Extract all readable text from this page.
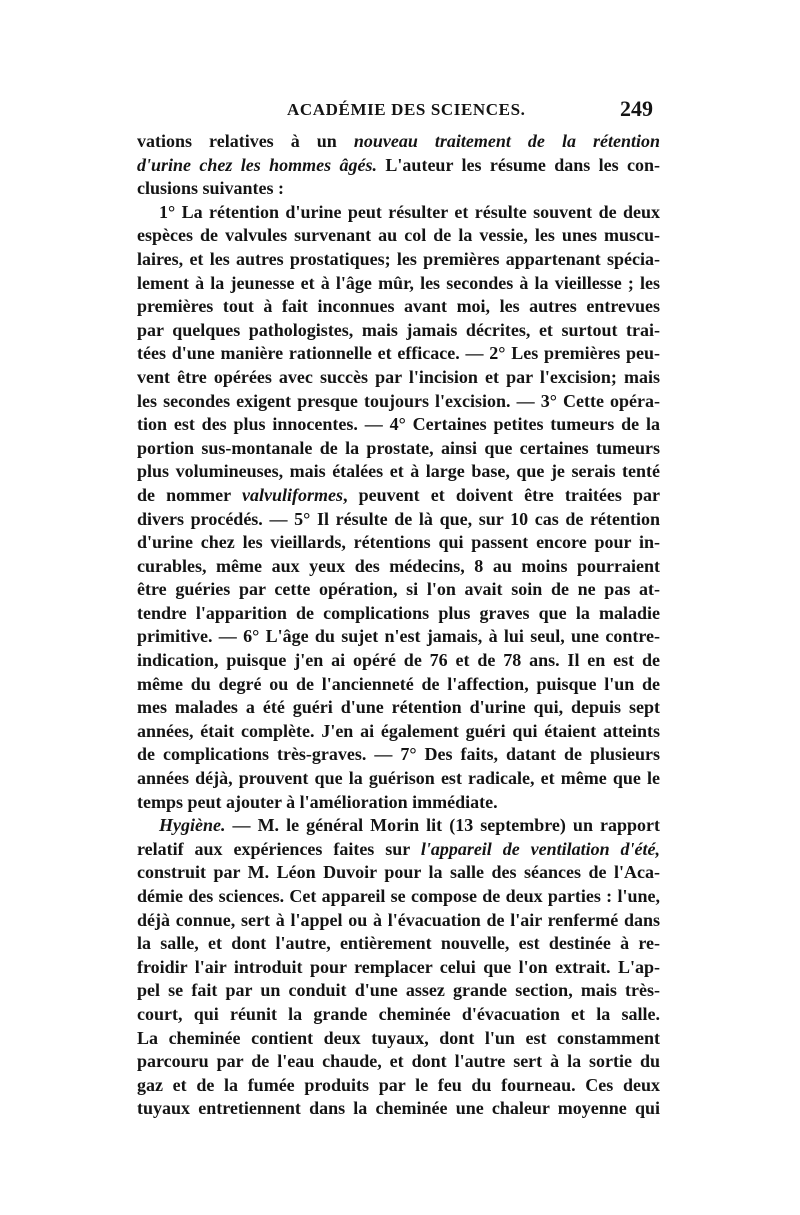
ACADÉMIE DES SCIENCES.	249
vations relatives à un nouveau traitement de la rétention
d'urine chez les hommes âgés. L'auteur les résume dans les con-
clusions suivantes :
1° La rétention d'urine peut résulter et résulte souvent de deux
espèces de valvules survenant au col de la vessie, les unes muscu-
laires, et les autres prostatiques; les premières appartenant spécia-
lement à la jeunesse et à l'âge mûr, les secondes à la vieillesse ; les
premières tout à fait inconnues avant moi, les autres entrevues
par quelques pathologistes, mais jamais décrites, et surtout trai-
tées d'une manière rationnelle et efficace. — 2° Les premières peu-
vent être opérées avec succès par l'incision et par l'excision; mais
les secondes exigent presque toujours l'excision. — 3° Cette opéra-
tion est des plus innocentes. — 4° Certaines petites tumeurs de la
portion sus-montanale de la prostate, ainsi que certaines tumeurs
plus volumineuses, mais étalées et à large base, que je serais tenté
de nommer valvuliformes, peuvent et doivent être traitées par
divers procédés. — 5° Il résulte de là que, sur 10 cas de rétention
d'urine chez les vieillards, rétentions qui passent encore pour in-
curables, même aux yeux des médecins, 8 au moins pourraient
être guéries par cette opération, si l'on avait soin de ne pas at-
tendre l'apparition de complications plus graves que la maladie
primitive. — 6° L'âge du sujet n'est jamais, à lui seul, une contre-
indication, puisque j'en ai opéré de 76 et de 78 ans. Il en est de
même du degré ou de l'ancienneté de l'affection, puisque l'un de
mes malades a été guéri d'une rétention d'urine qui, depuis sept
années, était complète. J'en ai également guéri qui étaient atteints
de complications très-graves. — 7° Des faits, datant de plusieurs
années déjà, prouvent que la guérison est radicale, et même que le
temps peut ajouter à l'amélioration immédiate.
Hygiène. — M. le général Morin lit (13 septembre) un rapport
relatif aux expériences faites sur l'appareil de ventilation d'été,
construit par M. Léon Duvoir pour la salle des séances de l'Aca-
démie des sciences. Cet appareil se compose de deux parties : l'une,
déjà connue, sert à l'appel ou à l'évacuation de l'air renfermé dans
la salle, et dont l'autre, entièrement nouvelle, est destinée à re-
froidir l'air introduit pour remplacer celui que l'on extrait. L'ap-
pel se fait par un conduit d'une assez grande section, mais très-
court, qui réunit la grande cheminée d'évacuation et la salle.
La cheminée contient deux tuyaux, dont l'un est constamment
parcouru par de l'eau chaude, et dont l'autre sert à la sortie du
gaz et de la fumée produits par le feu du fourneau. Ces deux
tuyaux entretiennent dans la cheminée une chaleur moyenne qui
